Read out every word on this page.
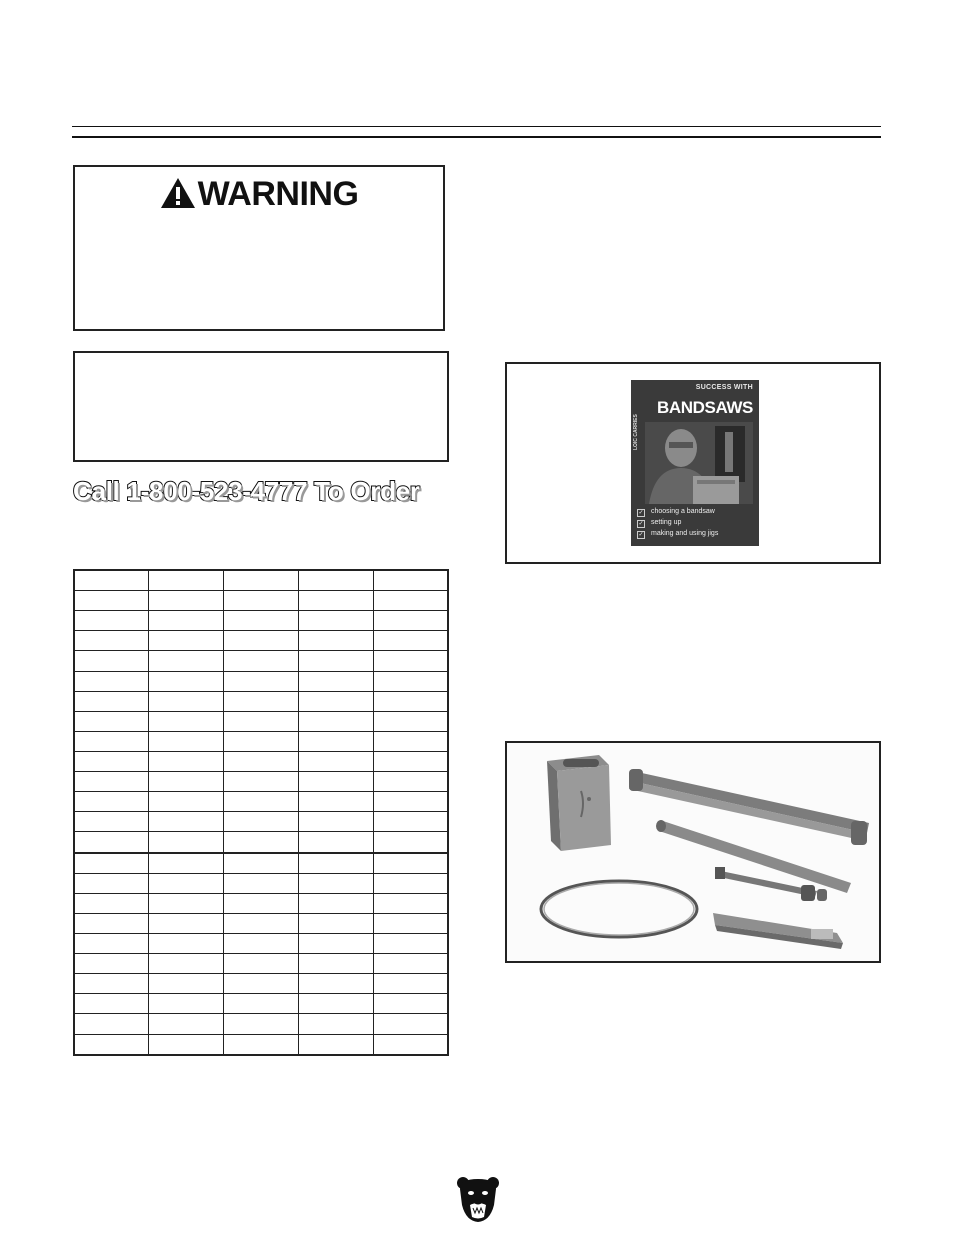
WARNING
Call 1-800-523-4777 To Order

SUCCESS WITH
BANDSAWS
LOIC CARRIES
✓ choosing a bandsaw
✓ setting up
✓ making and using jigs
